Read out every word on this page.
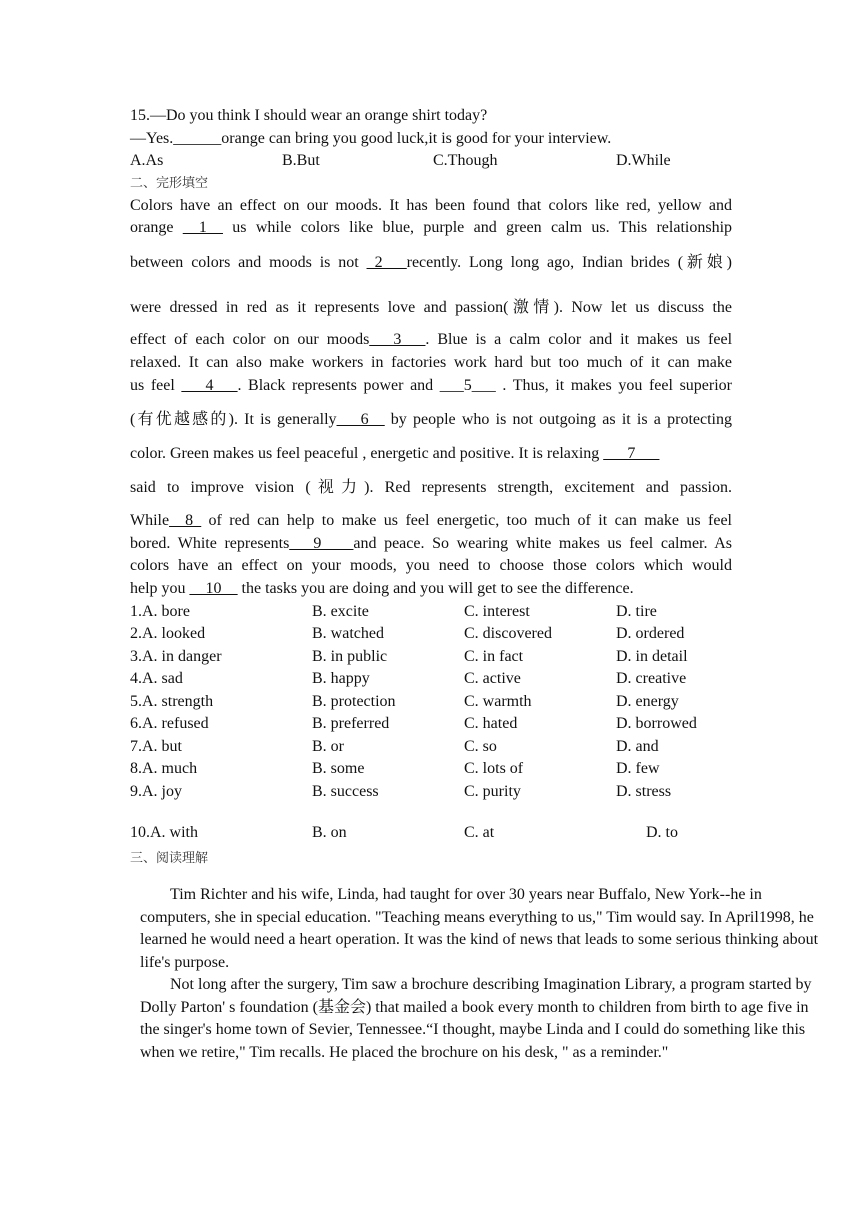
15.—Do you think I should wear an orange shirt today?
—Yes.______orange can bring you good luck,it is good for your interview.
A.As	B.But	C.Though	D.While
二、完形填空
Colors have an effect on our moods. It has been found that colors like red, yellow and
orange __1__ us while colors like blue, purple and green calm us. This relationship
between colors and moods is not _2___recently. Long long ago, Indian brides (新娘)
were dressed in red as it represents love and passion(激情). Now let us discuss the
effect of each color on our moods___3___. Blue is a calm color and it makes us feel
relaxed. It can also make workers in factories work hard but too much of it can make
us feel ___4___. Black represents power and ___5___ . Thus, it makes you feel superior
(有优越感的). It is generally___6__ by people who is not outgoing as it is a protecting
color. Green makes us feel peaceful , energetic and positive. It is relaxing ___7___
said to improve vision (视力). Red represents strength, excitement and passion.
While__8_ of red can help to make us feel energetic, too much of it can make us feel
bored. White represents___9____and peace. So wearing white makes us feel calmer. As
colors have an effect on your moods, you need to choose those colors which would
help you __10__ the tasks you are doing and you will get to see the difference.
1.A. bore	B. excite	C. interest	D. tire
2.A. looked	B. watched	C. discovered	D. ordered
3.A. in danger	B. in public	C. in fact	D. in detail
4.A. sad	B. happy	C. active	D. creative
5.A. strength	B. protection	C. warmth	D. energy
6.A. refused	B. preferred	C. hated	D. borrowed
7.A. but	B. or	C. so	D. and
8.A. much	B. some	C. lots of	D. few
9.A. joy	B. success	C. purity	D. stress
10.A. with	B. on	C. at	D. to
三、阅读理解
Tim Richter and his wife, Linda, had taught for over 30 years near Buffalo, New York--he in computers, she in special education. "Teaching means everything to us," Tim would say. In April1998, he learned he would need a heart operation. It was the kind of news that leads to some serious thinking about life's purpose.
Not long after the surgery, Tim saw a brochure describing Imagination Library, a program started by Dolly Parton' s foundation (基金会) that mailed a book every month to children from birth to age five in the singer's home town of Sevier, Tennessee.“I thought, maybe Linda and I could do something like this when we retire," Tim recalls. He placed the brochure on his desk, " as a reminder."
